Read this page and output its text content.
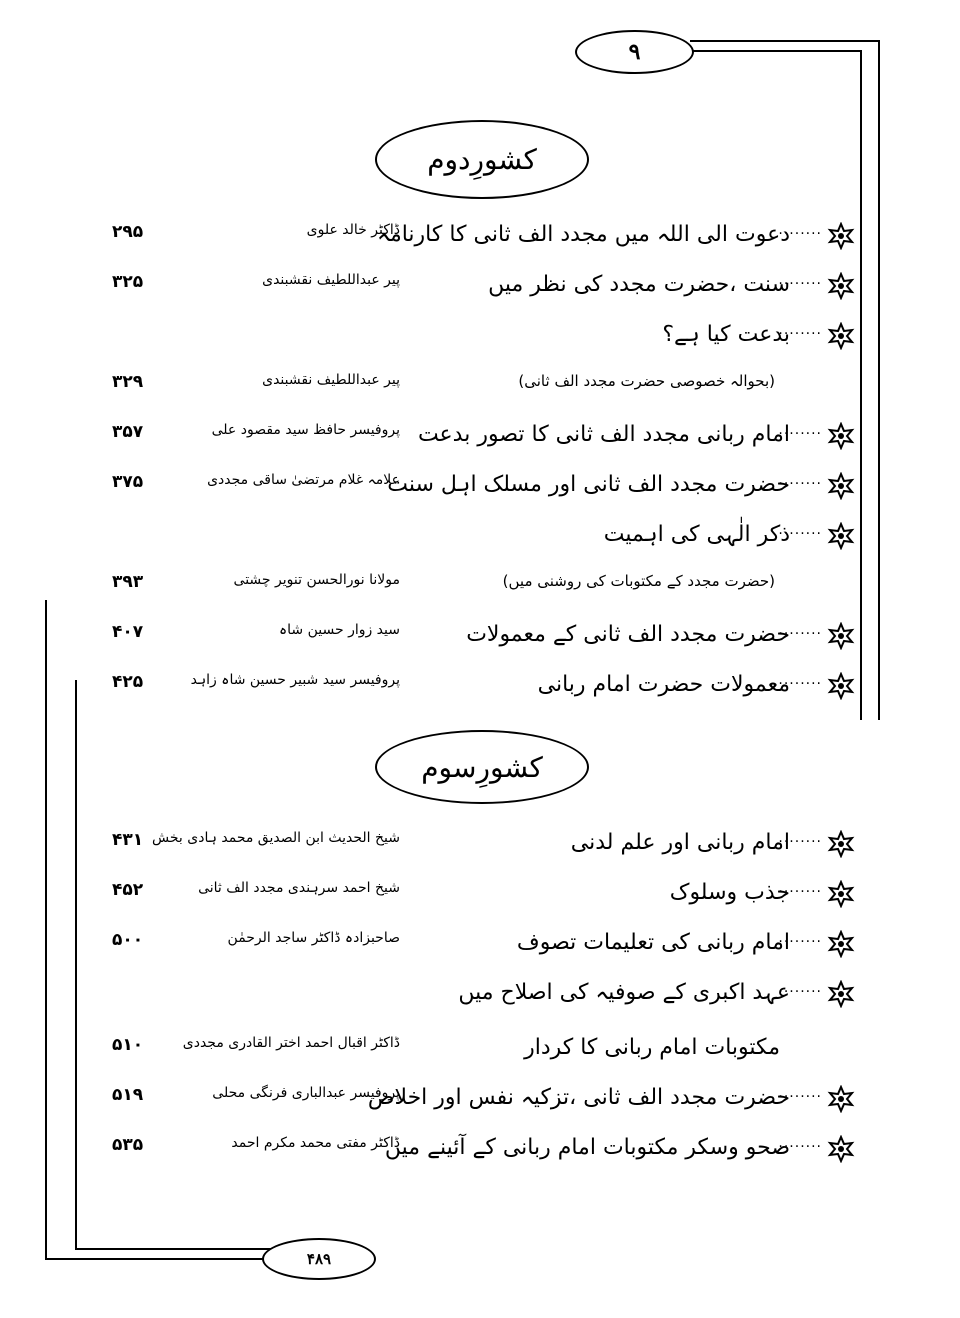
۹
کشورِدوم
........
دعوت الی اللہ میں مجدد الف ثانی کا کارنامہ
ڈاکٹر خالد علوی
۲۹۵
........
سنت ،حضرت مجدد کی نظر میں
پیر عبداللطیف نقشبندی
۳۲۵
........
بدعت کیا ہے؟
(بحوالہ خصوصی حضرت مجدد الف ثانی)
پیر عبداللطیف نقشبندی
۳۲۹
........
امام ربانی مجدد الف ثانی کا تصور بدعت
پروفیسر حافظ سید مقصود علی
۳۵۷
........
حضرت مجدد الف ثانی اور مسلک اہل سنت
علامہ غلام مرتضیٰ ساقی مجددی
۳۷۵
........
ذکر الٰہی کی اہمیت
(حضرت مجدد کے مکتوبات کی روشنی میں)
مولانا نورالحسن تنویر چشتی
۳۹۳
........
حضرت مجدد الف ثانی کے معمولات
سید زوار حسین شاہ
۴۰۷
........
معمولات حضرت امام ربانی
پروفیسر سید شبیر حسین شاہ زاہد
۴۲۵
کشورِسوم
........
امام ربانی اور علم لدنی
شیخ الحدیث ابن الصدیق محمد ہادی بخش
۴۳۱
........
جذب وسلوک
شیخ احمد سرہندی مجدد الف ثانی
۴۵۲
........
امام ربانی کی تعلیمات تصوف
صاحبزادہ ڈاکٹر ساجد الرحمٰن
۵۰۰
........
عہد اکبری کے صوفیہ کی اصلاح میں
مکتوبات امام ربانی کا کردار
ڈاکٹر اقبال احمد اختر القادری مجددی
۵۱۰
........
حضرت مجدد الف ثانی ،تزکیہ نفس اور اخلاص
پروفیسر عبدالباری فرنگی محلی
۵۱۹
........
صحو وسکر مکتوبات امام ربانی کے آئینے میں
ڈاکٹر مفتی محمد مکرم احمد
۵۳۵
۴۸۹
